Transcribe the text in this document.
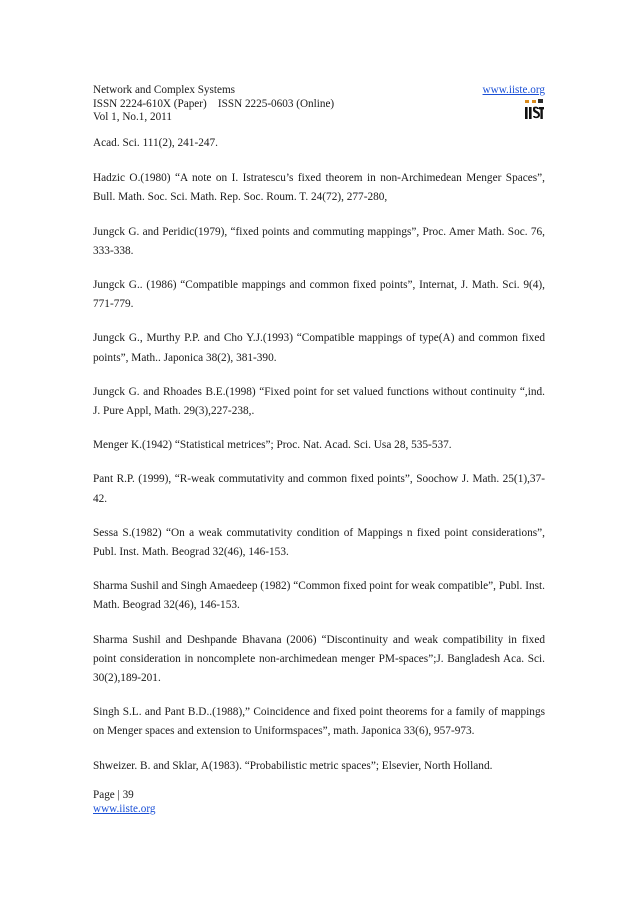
Network and Complex Systems
ISSN 2224-610X (Paper)    ISSN 2225-0603 (Online)
Vol 1, No.1, 2011
www.iiste.org

Acad. Sci. 111(2), 241-247.

Hadzic O.(1980) “A note on I. Istratescu’s fixed theorem in non-Archimedean Menger Spaces”, Bull. Math. Soc. Sci. Math. Rep. Soc. Roum. T. 24(72), 277-280,

Jungck G. and Peridic(1979), “fixed points and commuting mappings”, Proc. Amer Math. Soc. 76, 333-338.

Jungck G.. (1986) “Compatible mappings and common fixed points”, Internat, J. Math. Sci. 9(4), 771-779.

Jungck G., Murthy P.P. and Cho Y.J.(1993) “Compatible mappings of type(A) and common fixed points”, Math.. Japonica 38(2), 381-390.

Jungck G. and Rhoades B.E.(1998) “Fixed point for set valued functions without continuity “,ind. J. Pure Appl, Math. 29(3),227-238,.

Menger K.(1942) “Statistical metrices”; Proc. Nat. Acad. Sci. Usa 28, 535-537.

Pant R.P. (1999), “R-weak commutativity and common fixed points”, Soochow J. Math. 25(1),37-42.

Sessa S.(1982) “On a weak commutativity condition of Mappings n fixed point considerations”, Publ. Inst. Math. Beograd 32(46), 146-153.

Sharma Sushil and Singh Amaedeep (1982) “Common fixed point for weak compatible”, Publ. Inst. Math. Beograd 32(46), 146-153.

Sharma Sushil and Deshpande Bhavana (2006) “Discontinuity and weak compatibility in fixed point consideration in noncomplete non-archimedean menger PM-spaces”;J. Bangladesh Aca. Sci. 30(2),189-201.

Singh S.L. and Pant B.D..(1988),” Coincidence and fixed point theorems for a family of mappings on Menger spaces and extension to Uniformspaces”, math. Japonica 33(6), 957-973.

Shweizer. B. and Sklar, A(1983). “Probabilistic metric spaces”; Elsevier, North Holland.

Page | 39
www.iiste.org
